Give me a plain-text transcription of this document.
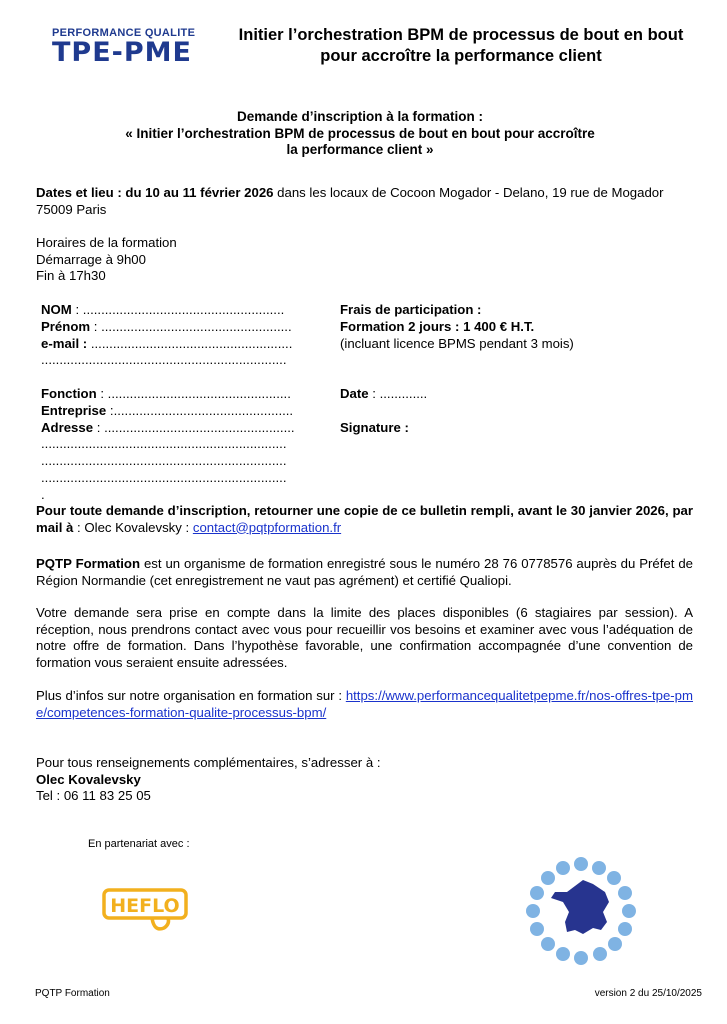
PERFORMANCE QUALITE
TPE-PME
Initier l’orchestration BPM de processus de bout en bout
pour accroître la performance client
Demande d’inscription à la formation :
« Initier l’orchestration BPM de processus de bout en bout pour accroître
la performance client »
Dates et lieu : du 10 au 11 février 2026 dans les locaux de Cocoon Mogador - Delano, 19 rue de Mogador 75009 Paris
Horaires de la formation
Démarrage à 9h00
Fin à 17h30
NOM : .......................................................
Prénom : ....................................................
e-mail : .......................................................
...................................................................

Fonction : ..................................................
Entreprise :.................................................
Adresse : ....................................................
...................................................................
...................................................................
...................................................................
.
Frais de participation :
Formation 2 jours : 1 400 € H.T.
(incluant licence BPMS pendant 3 mois)

Date : .............

Signature :
Pour toute demande d’inscription, retourner une copie de ce bulletin rempli, avant le 30 janvier 2026, par mail à : Olec Kovalevsky : contact@pqtpformation.fr
PQTP Formation est un organisme de formation enregistré sous le numéro 28 76 0778576 auprès du Préfet de Région Normandie (cet enregistrement ne vaut pas agrément) et certifié Qualiopi.
Votre demande sera prise en compte dans la limite des places disponibles (6 stagiaires par session). A réception, nous prendrons contact avec vous pour recueillir vos besoins et examiner avec vous l’adéquation de notre offre de formation. Dans l’hypothèse favorable, une confirmation accompagnée d’une convention de formation vous seraient ensuite adressées.
Plus d’infos sur notre organisation en formation sur : https://www.performancequalitetpepme.fr/nos-offres-tpe-pme/competences-formation-qualite-processus-bpm/
Pour tous renseignements complémentaires, s’adresser à :
Olec Kovalevsky
Tel : 06 11 83 25 05
En partenariat avec :
HEFLO
PQTP Formation	version 2 du 25/10/2025
